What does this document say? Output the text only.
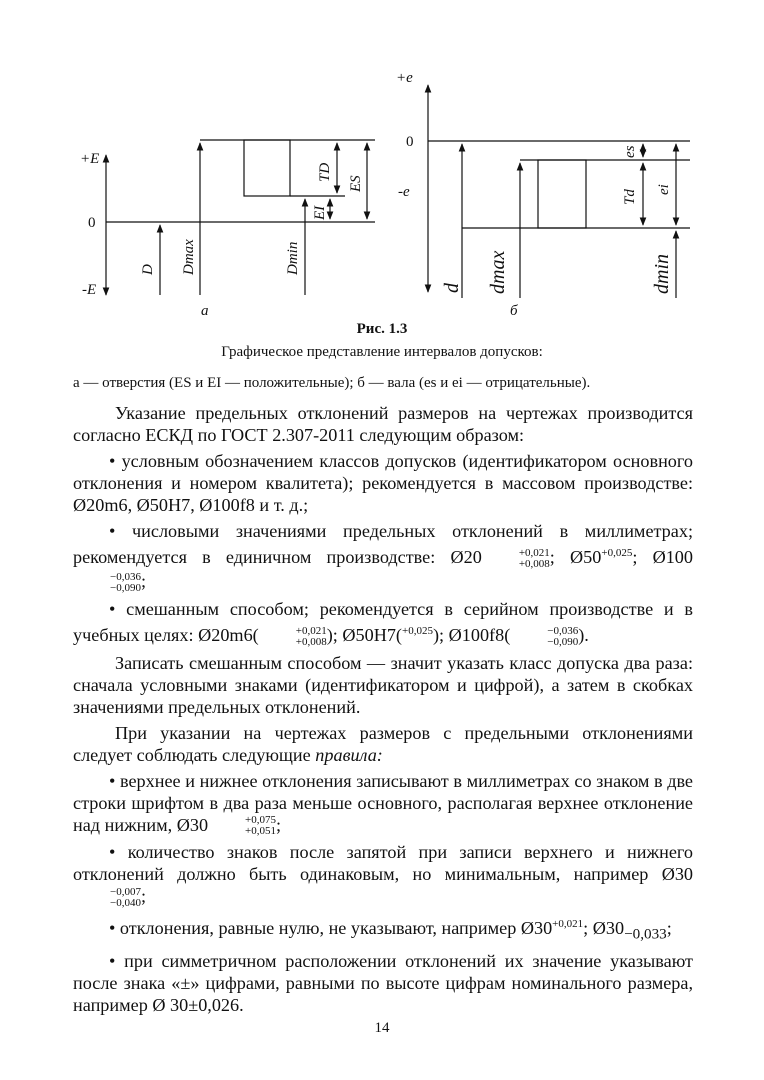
+E
0
-E
D Dmax	Dmin
TD
ES
EI
а
+e
0
-e
d dmax	dmin
Td
es
ei
б
Рис. 1.3
Графическое представление интервалов допусков:
а — отверстия (ES и EI — положительные); б — вала (es и ei — отрицательные).

Указание предельных отклонений размеров на чертежах производится согласно ЕСКД по ГОСТ 2.307-2011 следующим образом:

• условным обозначением классов допусков (идентификатором основного отклонения и номером квалитета); рекомендуется в массовом производстве: Ø20m6, Ø50H7, Ø100f8 и т. д.;

• числовыми значениями предельных отклонений в миллиметрах; рекомендуется в единичном производстве: Ø20	+0,021
+0,008 ; $Ø50^{+0,025}$; Ø100
−0,036
−0,090 ;

• смешанным способом; рекомендуется в серийном производстве и в учебных целях: Ø20m6(	+0,021
+0,008 ); Ø50H7($^{+0,025}$); Ø100f8(	−0,036
−0,090 ).

Записать смешанным способом — значит указать класс допуска два раза: сначала условными знаками (идентификатором и цифрой), а затем в скобках значениями предельных отклонений.

При указании на чертежах размеров с предельными отклонениями следует соблюдать следующие правила:

• верхнее и нижнее отклонения записывают в миллиметрах со знаком в две строки шрифтом в два раза меньше основного, располагая верхнее отклонение над нижним, Ø30	+0,075
+0,051 ;

• количество знаков после запятой при записи верхнего и нижнего отклонений должно быть одинаковым, но минимальным, например Ø30
−0,007
−0,040 ;

• отклонения, равные нулю, не указывают, например $Ø30^{+0,021}$; $Ø30_{-0,033}$;

• при симметричном расположении отклонений их значение указывают после знака «±» цифрами, равными по высоте цифрам номинального размера, например Ø 30±0,026.

14
